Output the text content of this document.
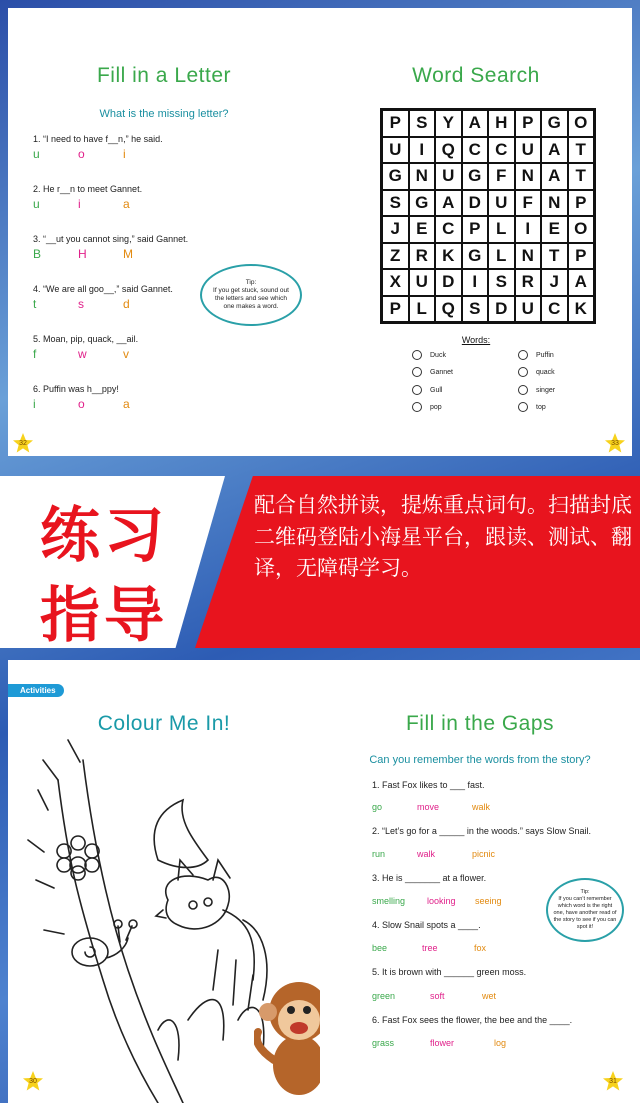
Fill in a Letter
What is the missing letter?
1. “I need to have f__n,” he said.
u	o	i
2. He r__n to meet Gannet.
u	i	a
3. “__ut you cannot sing,” said Gannet.
B	H	M
4. “We are all goo__,” said Gannet.
t	s	d
5. Moan, pip, quack, __ail.
f	w	v
6. Puffin was h__ppy!
i	o	a
Tip:
If you get stuck, sound out the letters and see which one makes a word.
32
Word Search
P S Y A H P G O
U	I	Q C C U A T
G N U G F N A T
S G A D U F N P
J E C P L	I	E O
Z R K G L N T P
X U D	I	S R J A
P L Q S D U C K
Words:
Duck
Gannet
Gull
pop
Puffin
quack
singer
top
33
练习
指导
配合自然拼读，提炼重点词句。扫描封底二维码登陆小海星平台，跟读、测试、翻译，无障碍学习。
Colour Me In!
30
Activities
Fill in the Gaps
Can you remember the words from the story?
1. Fast Fox likes to ___ fast.
go	move	walk
2. “Let’s go for a _____ in the woods.” says Slow Snail.
run	walk	picnic
3. He is _______ at a flower.
smelling	looking	seeing
4. Slow Snail spots a ____.
bee	tree	fox
5. It is brown with ______ green moss.
green	soft	wet
6. Fast Fox sees the flower, the bee and the ____.
grass	flower	log
Tip:
If you can’t remember which word is the right one, have another read of the story to see if you can spot it!
31
